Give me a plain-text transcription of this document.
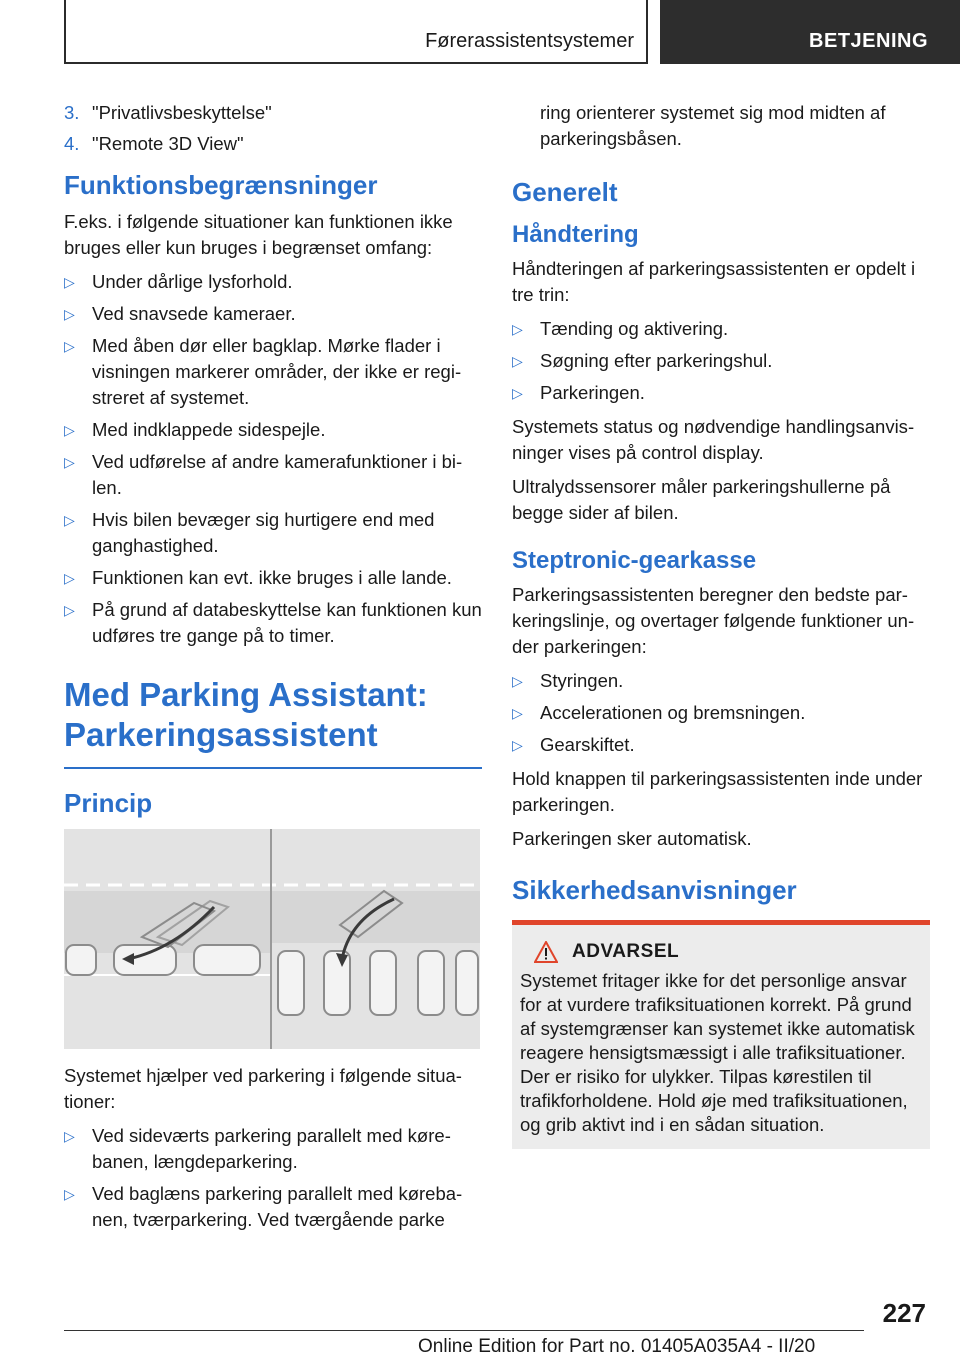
Førerassistentsystemer	BETJENING
3. "Privatlivsbeskyttelse"
4. "Remote 3D View"
Funktionsbegrænsninger

F.eks. i følgende situationer kan funktionen ikke bruges eller kun bruges i begrænset omfang:

▷ Under dårlige lysforhold.
▷ Ved snavsede kameraer.
▷ Med åben dør eller bagklap. Mørke flader i visningen markerer områder, der ikke er registreret af systemet.
▷ Med indklappede sidespejle.
▷ Ved udførelse af andre kamerafunktioner i bilen.
▷ Hvis bilen bevæger sig hurtigere end med ganghastighed.
▷ Funktionen kan evt. ikke bruges i alle lande.
▷ På grund af databeskyttelse kan funktionen kun udføres tre gange på to timer.
Med Parking Assistant:
Parkeringsassistent
Princip

Systemet hjælper ved parkering i følgende situationer:

▷ Ved sideværts parkering parallelt med kørebanen, længdeparkering.
▷ Ved baglæns parkering parallelt med kørebanen, tværparkering. Ved tværgående parke

ring orienterer systemet sig mod midten af parkeringsbåsen.

Generelt
Håndtering

Håndteringen af parkeringsassistenten er opdelt i tre trin:

▷ Tænding og aktivering.
▷ Søgning efter parkeringshul.
▷ Parkeringen.

Systemets status og nødvendige handlingsanvisninger vises på control display.

Ultralydssensorer måler parkeringshullerne på begge sider af bilen.

Steptronic-gearkasse

Parkeringsassistenten beregner den bedste parkeringslinje, og overtager følgende funktioner under parkeringen:

▷ Styringen.
▷ Accelerationen og bremsningen.
▷ Gearskiftet.

Hold knappen til parkeringsassistenten inde under parkeringen.

Parkeringen sker automatisk.

Sikkerhedsanvisninger
ADVARSEL

Systemet fritager ikke for det personlige ansvar for at vurdere trafiksituationen korrekt. På grund af systemgrænser kan systemet ikke automatisk reagere hensigtsmæssigt i alle trafiksituationer. Der er risiko for ulykker. Tilpas kørestilen til trafikforholdene. Hold øje med trafiksituationen, og grib aktivt ind i en sådan situation.

227
Online Edition for Part no. 01405A035A4 - II/20
